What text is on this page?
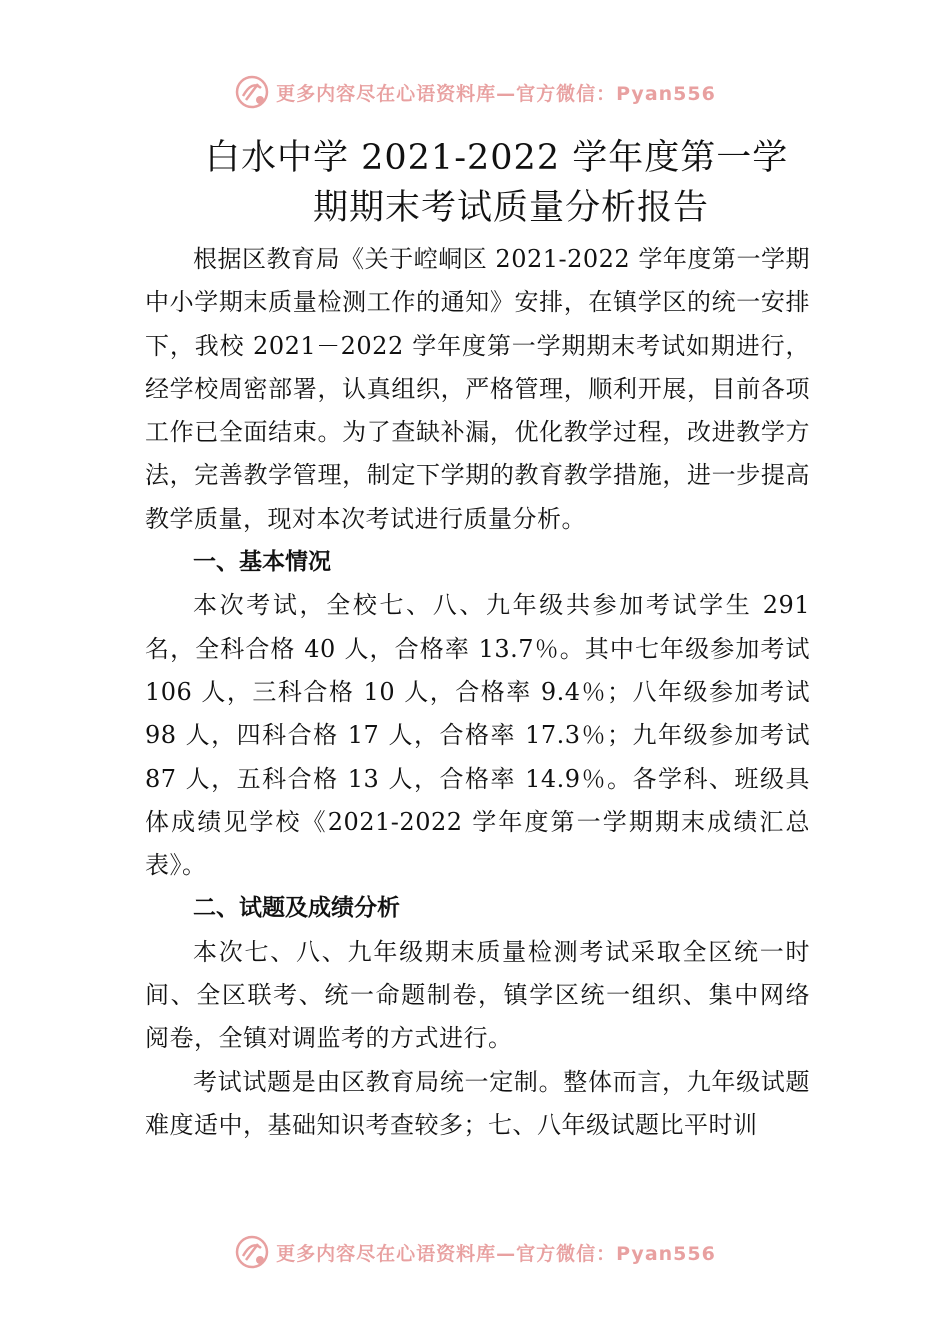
更多内容尽在心语资料库—官方微信：Pyan556
白水中学 2021-2022 学年度第一学
期期末考试质量分析报告

根据区教育局《关于崆峒区 2021-2022 学年度第一学期中小学期末质量检测工作的通知》安排，在镇学区的统一安排下，我校 2021－2022 学年度第一学期期末考试如期进行，经学校周密部署，认真组织，严格管理，顺利开展，目前各项工作已全面结束。为了查缺补漏，优化教学过程，改进教学方法，完善教学管理，制定下学期的教育教学措施，进一步提高教学质量，现对本次考试进行质量分析。

一、基本情况

本次考试，全校七、八、九年级共参加考试学生 291 名，全科合格 40 人，合格率 13.7％。其中七年级参加考试 106 人，三科合格 10 人，合格率 9.4％；八年级参加考试 98 人，四科合格 17 人，合格率 17.3％；九年级参加考试 87 人，五科合格 13 人，合格率 14.9％。各学科、班级具体成绩见学校《2021-2022 学年度第一学期期末成绩汇总表》。

二、试题及成绩分析

本次七、八、九年级期末质量检测考试采取全区统一时间、全区联考、统一命题制卷，镇学区统一组织、集中网络 阅卷，全镇对调监考的方式进行。

考试试题是由区教育局统一定制。整体而言，九年级试题难度适中，基础知识考查较多；七、八年级试题比平时训

更多内容尽在心语资料库—官方微信：Pyan556
